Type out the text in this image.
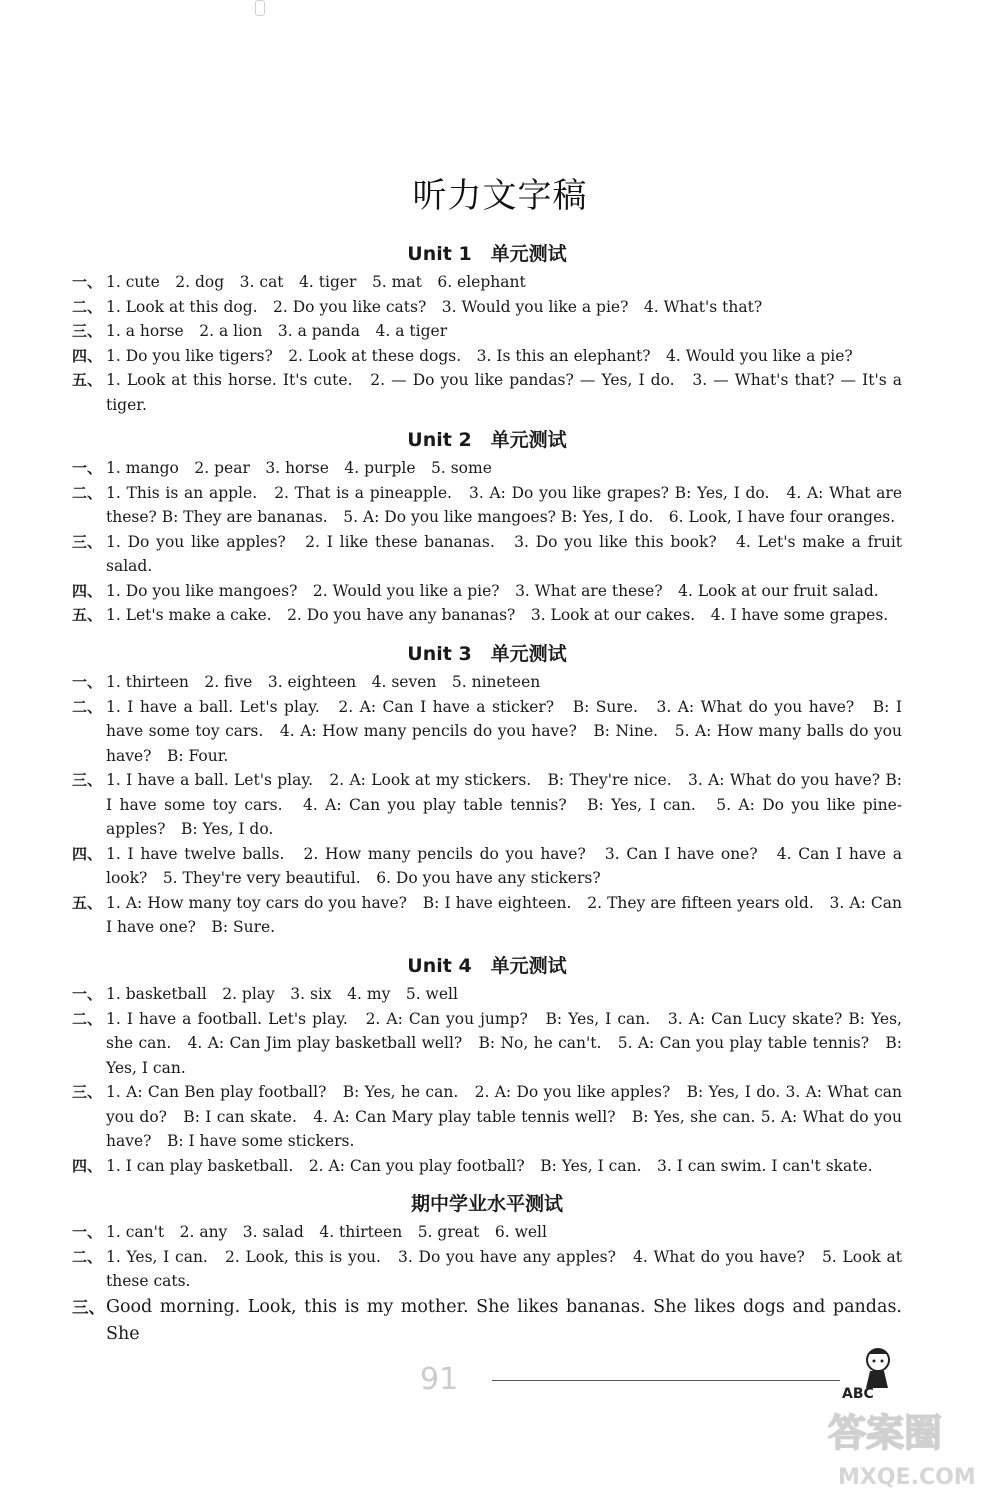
听力文字稿
Unit 1　单元测试
一、 1. cute　2. dog　3. cat　4. tiger　5. mat　6. elephant
二、 1. Look at this dog.　2. Do you like cats?　3. Would you like a pie?　4. What's that?
三、 1. a horse　2. a lion　3. a panda　4. a tiger
四、 1. Do you like tigers?　2. Look at these dogs.　3. Is this an elephant?　4. Would you like a pie?
五、 1. Look at this horse. It's cute.　2. — Do you like pandas? — Yes, I do.　3. — What's that? — It's a tiger.
Unit 2　单元测试
一、 1. mango　2. pear　3. horse　4. purple　5. some
二、 1. This is an apple.　2. That is a pineapple.　3. A: Do you like grapes? B: Yes, I do.　4. A: What are these? B: They are bananas.　5. A: Do you like mangoes? B: Yes, I do.　6. Look, I have four oranges.
三、 1. Do you like apples?　2. I like these bananas.　3. Do you like this book?　4. Let's make a fruit salad.
四、 1. Do you like mangoes?　2. Would you like a pie?　3. What are these?　4. Look at our fruit salad.
五、 1. Let's make a cake.　2. Do you have any bananas?　3. Look at our cakes.　4. I have some grapes.
Unit 3　单元测试
一、 1. thirteen　2. five　3. eighteen　4. seven　5. nineteen
二、 1. I have a ball. Let's play.　2. A: Can I have a sticker?　B: Sure.　3. A: What do you have?　B: I have some toy cars.　4. A: How many pencils do you have?　B: Nine.　5. A: How many balls do you have?　B: Four.
三、 1. I have a ball. Let's play.　2. A: Look at my stickers.　B: They're nice.　3. A: What do you have? B: I have some toy cars.　4. A: Can you play table tennis?　B: Yes, I can.　5. A: Do you like pine-apples?　B: Yes, I do.
四、 1. I have twelve balls.　2. How many pencils do you have?　3. Can I have one?　4. Can I have a look?　5. They're very beautiful.　6. Do you have any stickers?
五、 1. A: How many toy cars do you have?　B: I have eighteen.　2. They are fifteen years old.　3. A: Can I have one?　B: Sure.
Unit 4　单元测试
一、 1. basketball　2. play　3. six　4. my　5. well
二、 1. I have a football. Let's play.　2. A: Can you jump?　B: Yes, I can.　3. A: Can Lucy skate? B: Yes, she can.　4. A: Can Jim play basketball well?　B: No, he can't.　5. A: Can you play table tennis?　B: Yes, I can.
三、 1. A: Can Ben play football?　B: Yes, he can.　2. A: Do you like apples?　B: Yes, I do. 3. A: What can you do?　B: I can skate.　4. A: Can Mary play table tennis well?　B: Yes, she can. 5. A: What do you have?　B: I have some stickers.
四、 1. I can play basketball.　2. A: Can you play football?　B: Yes, I can.　3. I can swim. I can't skate.
期中学业水平测试
一、 1. can't　2. any　3. salad　4. thirteen　5. great　6. well
二、 1. Yes, I can.　2. Look, this is you.　3. Do you have any apples?　4. What do you have?　5. Look at these cats.
三、 Good morning. Look, this is my mother. She likes bananas. She likes dogs and pandas. She
91	ABC
答案圈
MXQE.COM
